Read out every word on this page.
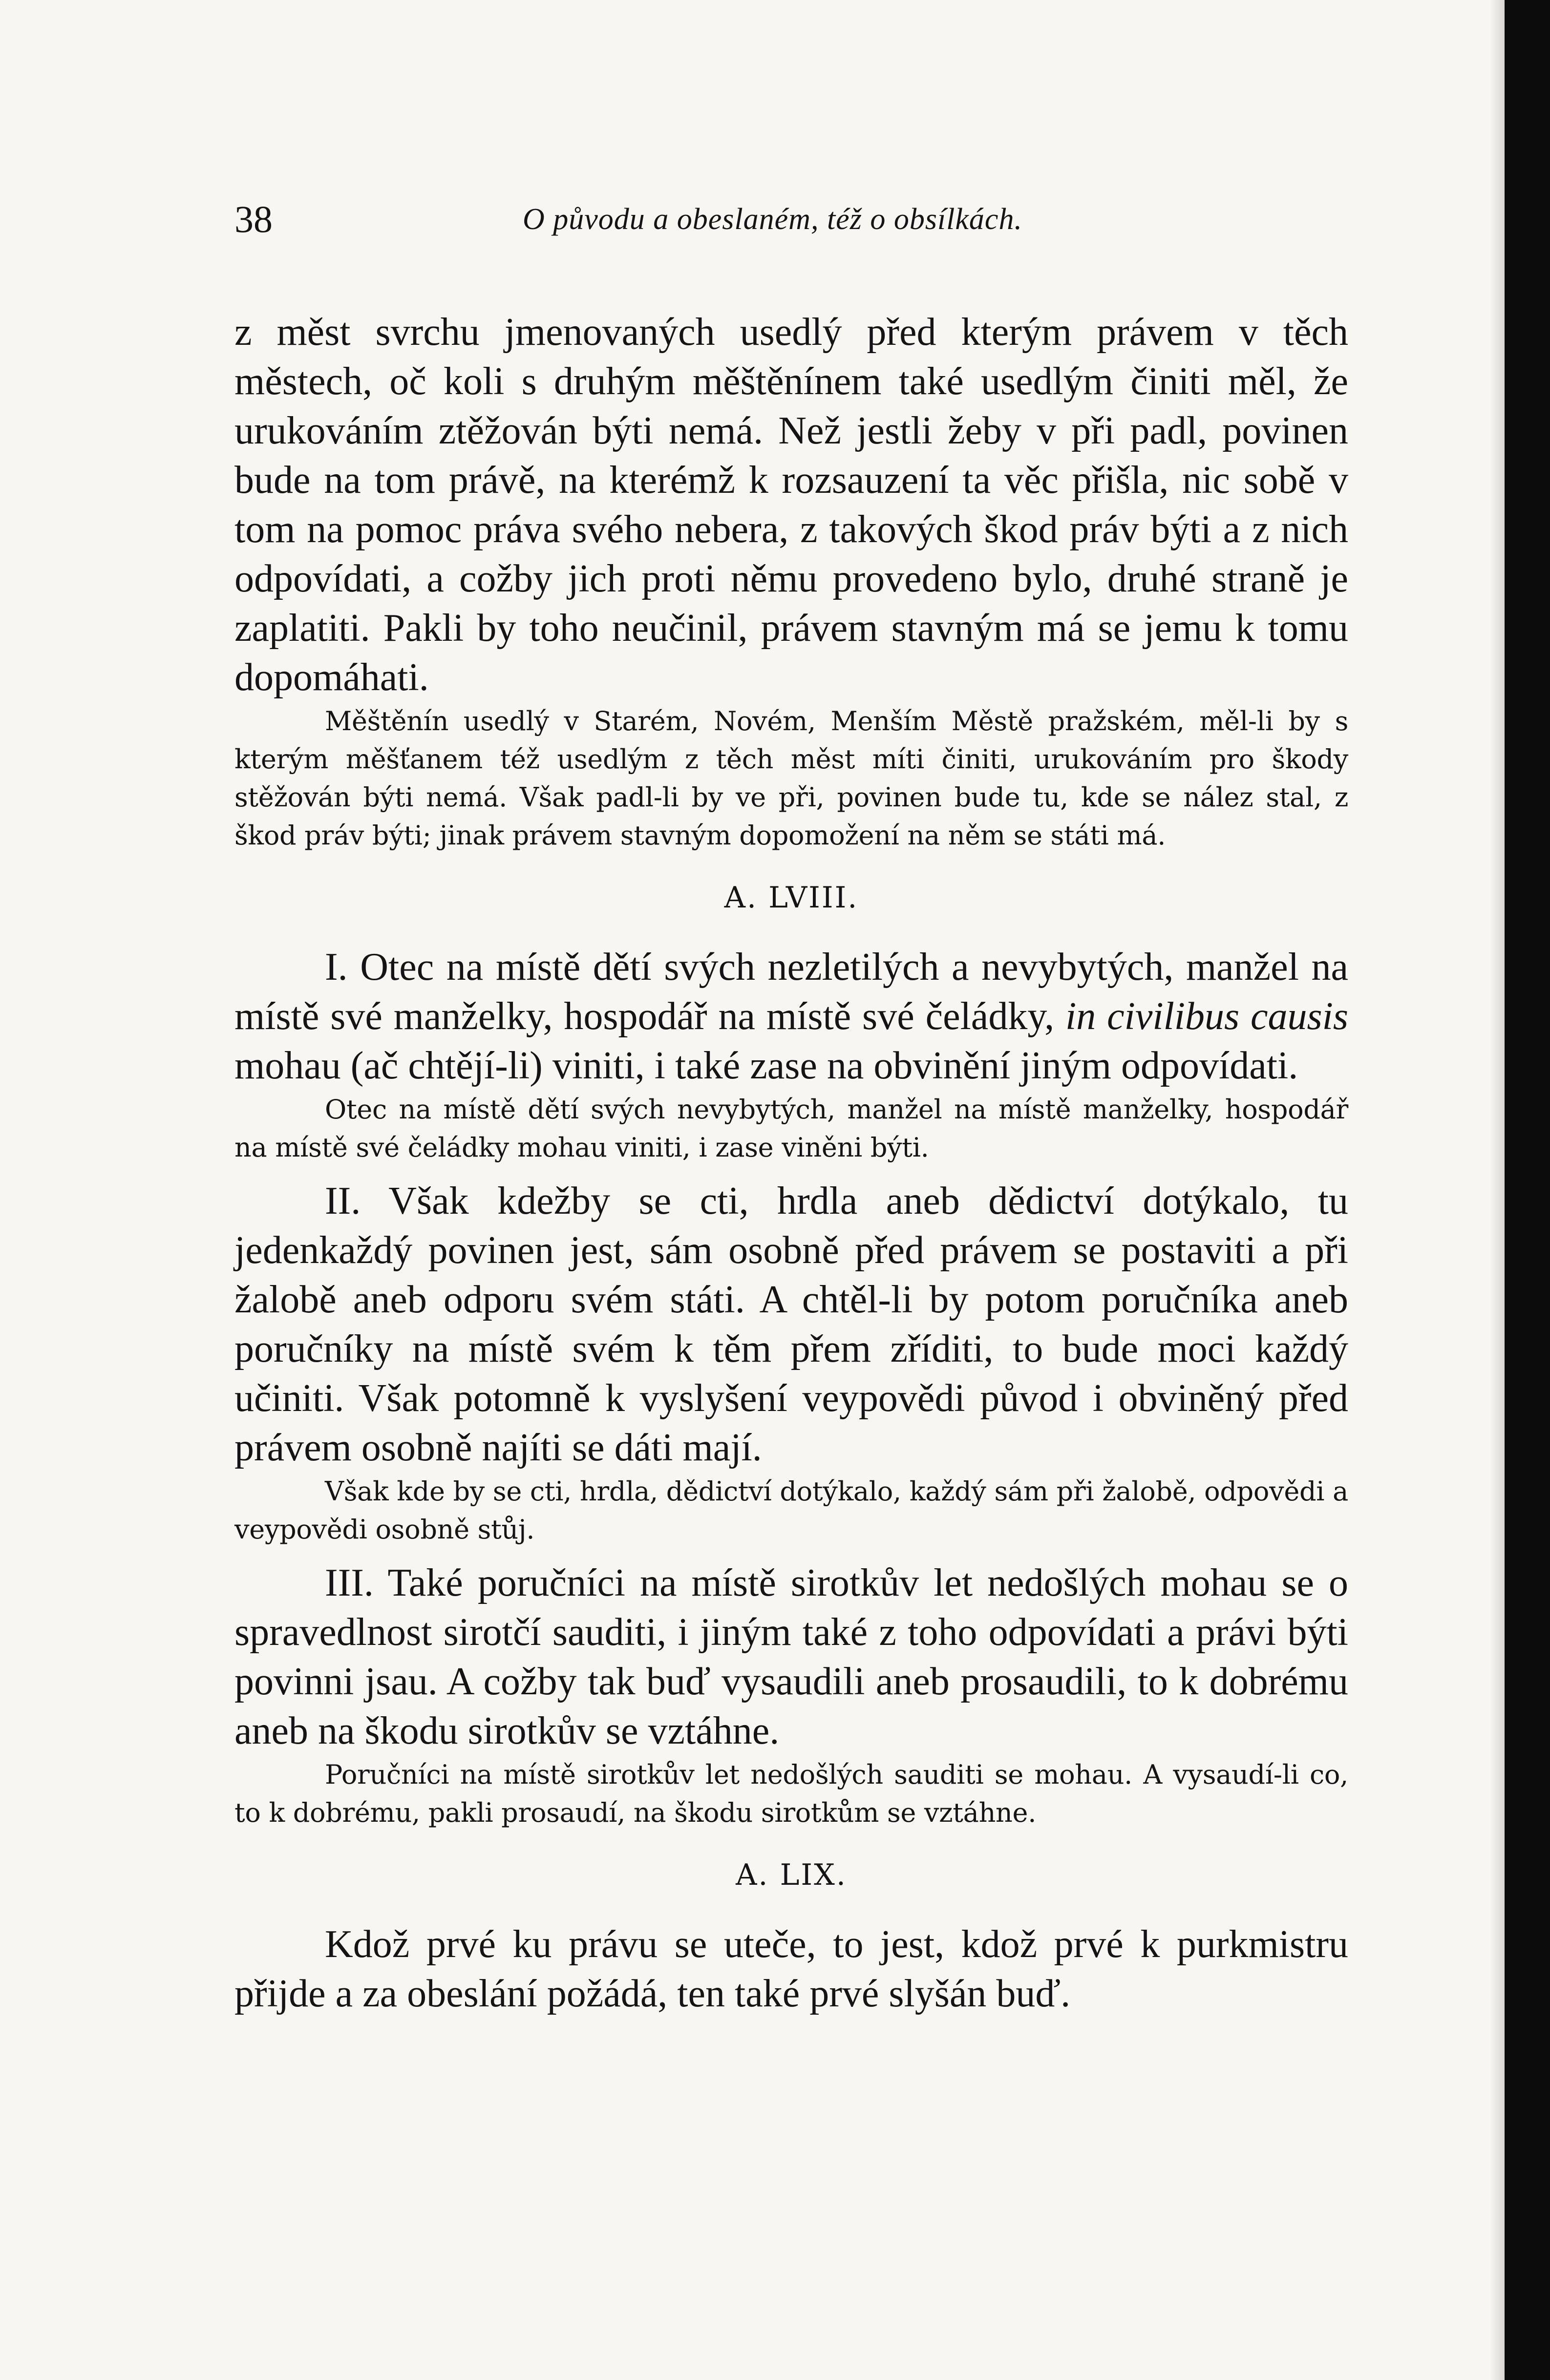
38	O původu a obeslaném, též o obsílkách.

z měst svrchu jmenovaných usedlý před kterým právem v těch městech, oč koli s druhým měštěnínem také usedlým činiti měl, že urukováním ztěžován býti nemá. Než jestli žeby v při padl, povinen bude na tom právě, na kterémž k rozsauzení ta věc přišla, nic sobě v tom na pomoc práva svého nebera, z takových škod práv býti a z nich odpovídati, a cožby jich proti němu provedeno bylo, druhé straně je zaplatiti. Pakli by toho neučinil, právem stavným má se jemu k tomu dopomáhati.

Měštěnín usedlý v Starém, Novém, Menším Městě pražském, měl-li by s kterým měšťanem též usedlým z těch měst míti činiti, urukováním pro škody stěžován býti nemá. Však padl-li by ve při, povinen bude tu, kde se nález stal, z škod práv býti; jinak právem stavným dopomožení na něm se státi má.

A. LVIII.

I. Otec na místě dětí svých nezletilých a nevybytých, manžel na místě své manželky, hospodář na místě své čeládky, in civilibus causis mohau (ač chtějí-li) viniti, i také zase na obvinění jiným odpovídati.

Otec na místě dětí svých nevybytých, manžel na místě manželky, hospodář na místě své čeládky mohau viniti, i zase viněni býti.

II. Však kdežby se cti, hrdla aneb dědictví dotýkalo, tu jedenkaždý povinen jest, sám osobně před právem se postaviti a při žalobě aneb odporu svém státi. A chtěl-li by potom poručníka aneb poručníky na místě svém k těm přem zříditi, to bude moci každý učiniti. Však potomně k vyslyšení veypovědi původ i obviněný před právem osobně najíti se dáti mají.

Však kde by se cti, hrdla, dědictví dotýkalo, každý sám při žalobě, odpovědi a veypovědi osobně stůj.

III. Také poručníci na místě sirotkův let nedošlých mohau se o spravedlnost sirotčí sauditi, i jiným také z toho odpovídati a právi býti povinni jsau. A cožby tak buď vysaudili aneb prosaudili, to k dobrému aneb na škodu sirotkův se vztáhne.

Poručníci na místě sirotkův let nedošlých sauditi se mohau. A vysaudí-li co, to k dobrému, pakli prosaudí, na škodu sirotkům se vztáhne.

A. LIX.

Kdož prvé ku právu se uteče, to jest, kdož prvé k purkmistru přijde a za obeslání požádá, ten také prvé slyšán buď.
